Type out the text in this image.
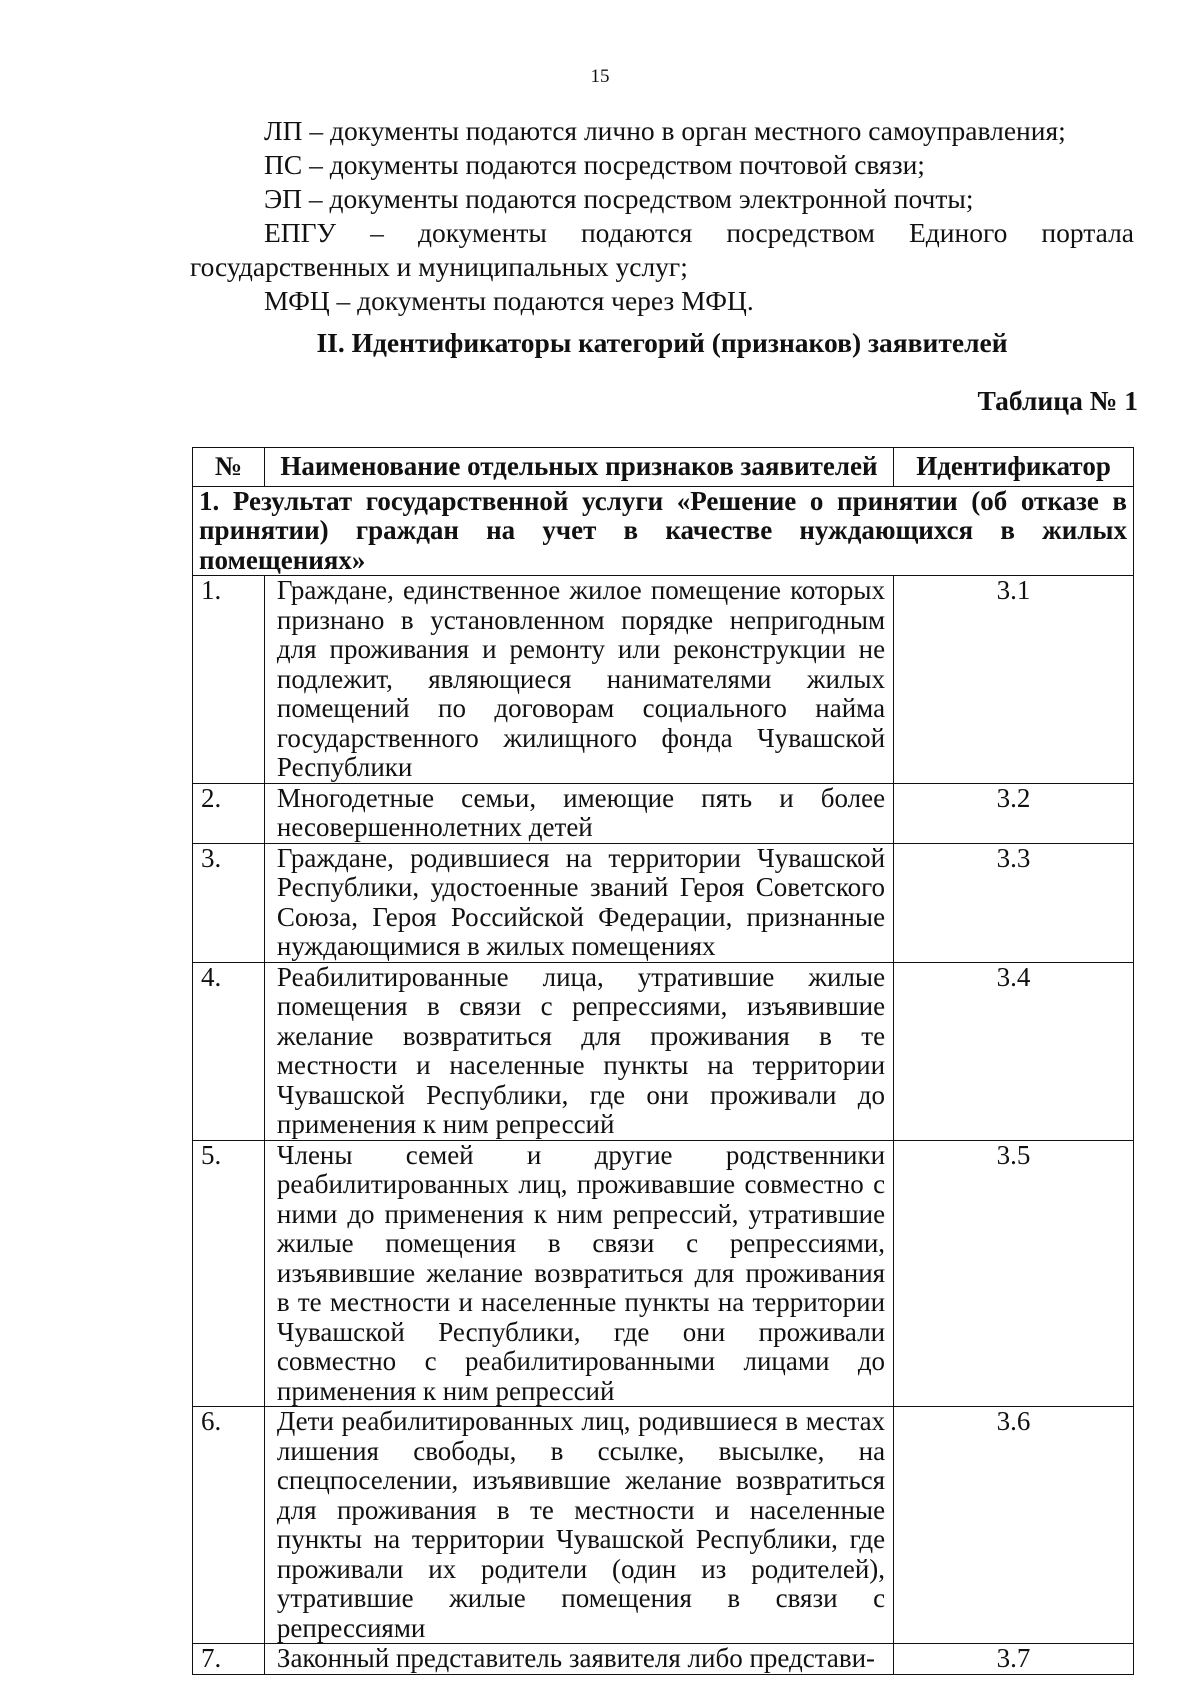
15
ЛП – документы подаются лично в орган местного самоуправления;
ПС – документы подаются посредством почтовой связи;
ЭП – документы подаются посредством электронной почты;
ЕПГУ – документы подаются посредством Единого портала государственных и муниципальных услуг;
МФЦ – документы подаются через МФЦ.
II. Идентификаторы категорий (признаков) заявителей
Таблица № 1
№	Наименование отдельных признаков заявителей	Идентификатор
1. Результат государственной услуги «Решение о принятии (об отказе в принятии) граждан на учет в качестве нуждающихся в жилых помещениях»		
1.	Граждане, единственное жилое помещение которых признано в установленном порядке непригодным для проживания и ремонту или реконструкции не подлежит, являющиеся нанимателями жилых помещений по договорам социального найма государственного жилищного фонда Чувашской Республики	3.1
2.	Многодетные семьи, имеющие пять и более несовершеннолетних детей	3.2
3.	Граждане, родившиеся на территории Чувашской Республики, удостоенные званий Героя Советского Союза, Героя Российской Федерации, признанные нуждающимися в жилых помещениях	3.3
4.	Реабилитированные лица, утратившие жилые помещения в связи с репрессиями, изъявившие желание возвратиться для проживания в те местности и населенные пункты на территории Чувашской Республики, где они проживали до применения к ним репрессий	3.4
5.	Члены семей и другие родственники реабилитированных лиц, проживавшие совместно с ними до применения к ним репрессий, утратившие жилые помещения в связи с репрессиями, изъявившие желание возвратиться для проживания в те местности и населенные пункты на территории Чувашской Республики, где они проживали совместно с реабилитированными лицами до применения к ним репрессий	3.5
6.	Дети реабилитированных лиц, родившиеся в местах лишения свободы, в ссылке, высылке, на спецпоселении, изъявившие желание возвратиться для проживания в те местности и населенные пункты на территории Чувашской Республики, где проживали их родители (один из родителей), утратившие жилые помещения в связи с репрессиями	3.6
7.	Законный представитель заявителя либо представи-	3.7
